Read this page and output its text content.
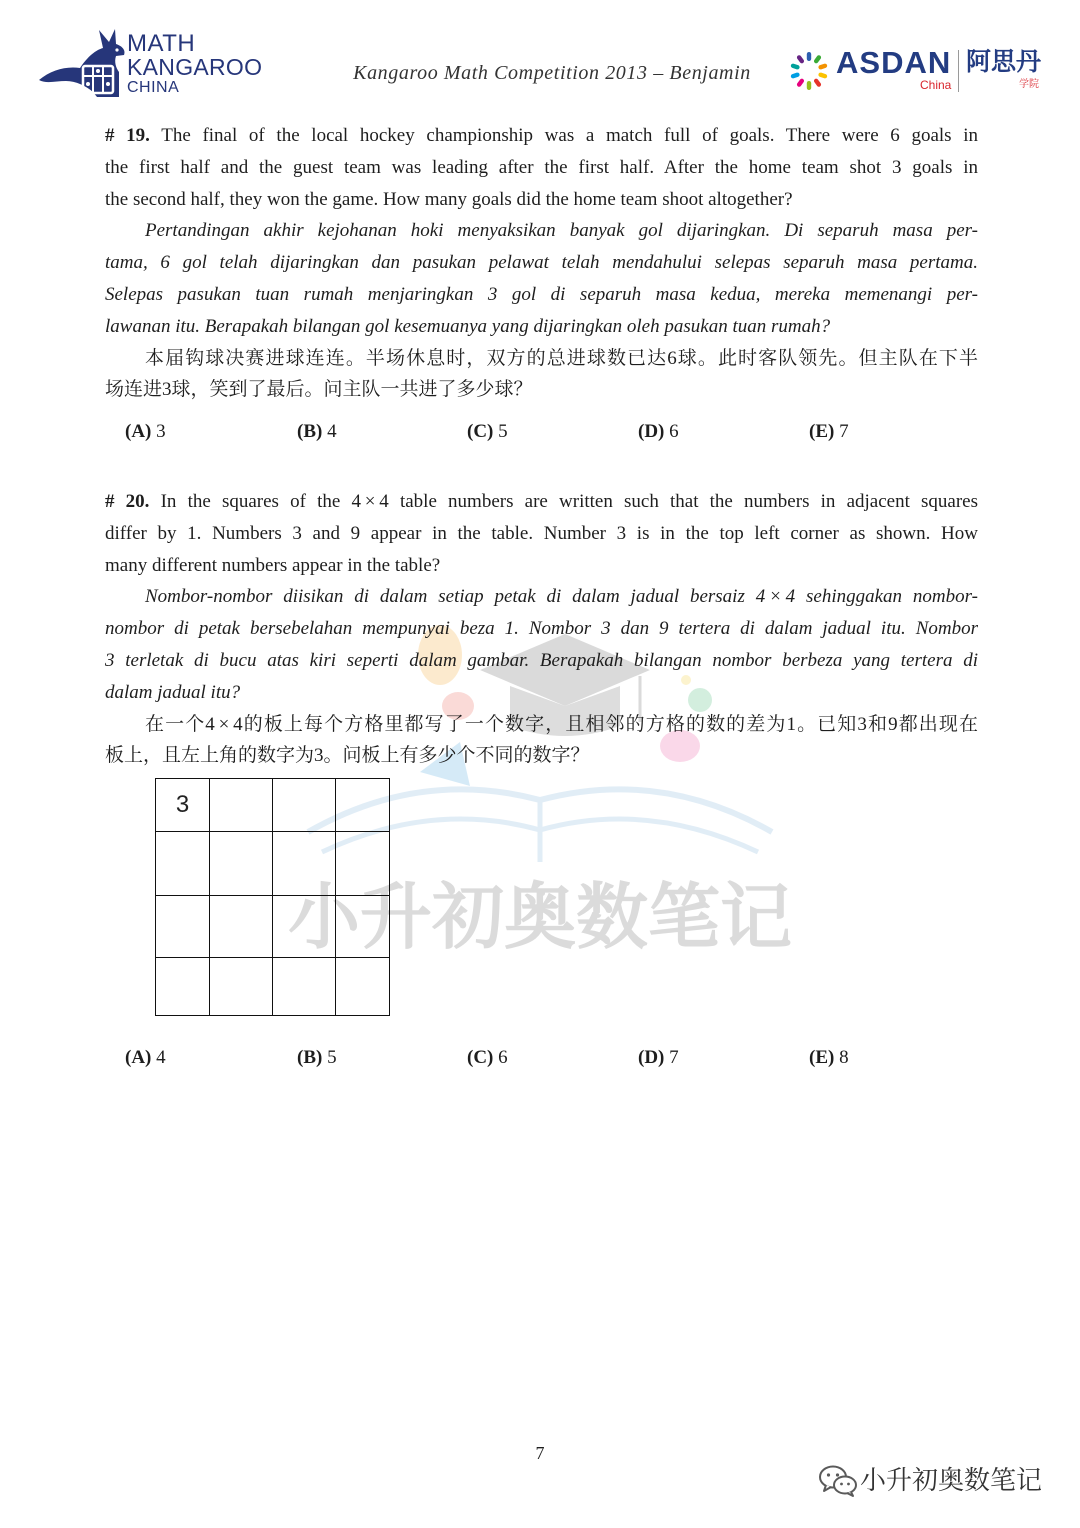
小升初奥数笔记
MATH
KANGAROO
CHINA
Kangaroo Math Competition 2013 – Benjamin	ASDAN
China
阿思丹
学院
# 19. The final of the local hockey championship was a match full of goals. There were 6 goals in
the first half and the guest team was leading after the first half. After the home team shot 3 goals in
the second half, they won the game. How many goals did the home team shoot altogether?
Pertandingan akhir kejohanan hoki menyaksikan banyak gol dijaringkan. Di separuh masa per-
tama, 6 gol telah dijaringkan dan pasukan pelawat telah mendahului selepas separuh masa pertama.
Selepas pasukan tuan rumah menjaringkan 3 gol di separuh masa kedua, mereka memenangi per-
lawanan itu. Berapakah bilangan gol kesemuanya yang dijaringkan oleh pasukan tuan rumah?
本届钩球决赛进球连连。半场休息时，双方的总进球数已达6球。此时客队领先。但主队在下半
场连进3球，笑到了最后。问主队一共进了多少球？
(A) 3	(B) 4	(C) 5	(D) 6	(E) 7
# 20. In the squares of the 4 × 4 table numbers are written such that the numbers in adjacent squares
differ by 1. Numbers 3 and 9 appear in the table. Number 3 is in the top left corner as shown. How
many different numbers appear in the table?
Nombor-nombor diisikan di dalam setiap petak di dalam jadual bersaiz 4 × 4 sehinggakan nombor-
nombor di petak bersebelahan mempunyai beza 1. Nombor 3 dan 9 tertera di dalam jadual itu. Nombor
3 terletak di bucu atas kiri seperti dalam gambar. Berapakah bilangan nombor berbeza yang tertera di
dalam jadual itu?
在一个4 × 4的板上每个方格里都写了一个数字，且相邻的方格的数的差为1。已知3和9都出现在
板上，且左上角的数字为3。问板上有多少个不同的数字？
3
(A) 4	(B) 5	(C) 6	(D) 7	(E) 8
7
小升初奥数笔记
